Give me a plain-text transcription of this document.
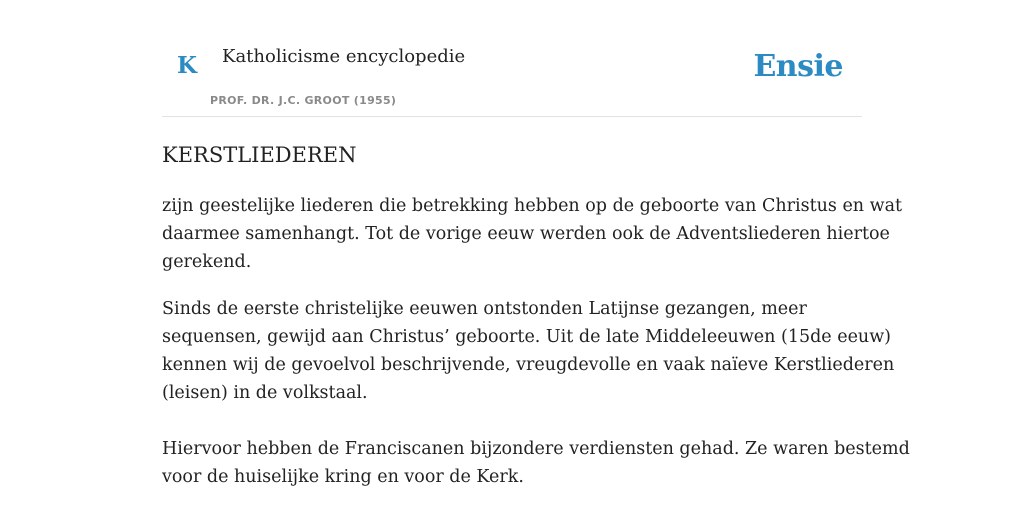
K Katholicisme encyclopedie
PROF. DR. J.C. GROOT (1955)
Ensie
KERSTLIEDEREN

zijn geestelijke liederen die betrekking hebben op de geboorte van Christus en wat
daarmee samenhangt. Tot de vorige eeuw werden ook de Adventsliederen hiertoe
gerekend.

Sinds de eerste christelijke eeuwen ontstonden Latijnse gezangen, meer
sequensen, gewijd aan Christus’ geboorte. Uit de late Middeleeuwen (15de eeuw)
kennen wij de gevoelvol beschrijvende, vreugdevolle en vaak naïeve Kerstliederen
(leisen) in de volkstaal.

Hiervoor hebben de Franciscanen bijzondere verdiensten gehad. Ze waren bestemd
voor de huiselijke kring en voor de Kerk.
